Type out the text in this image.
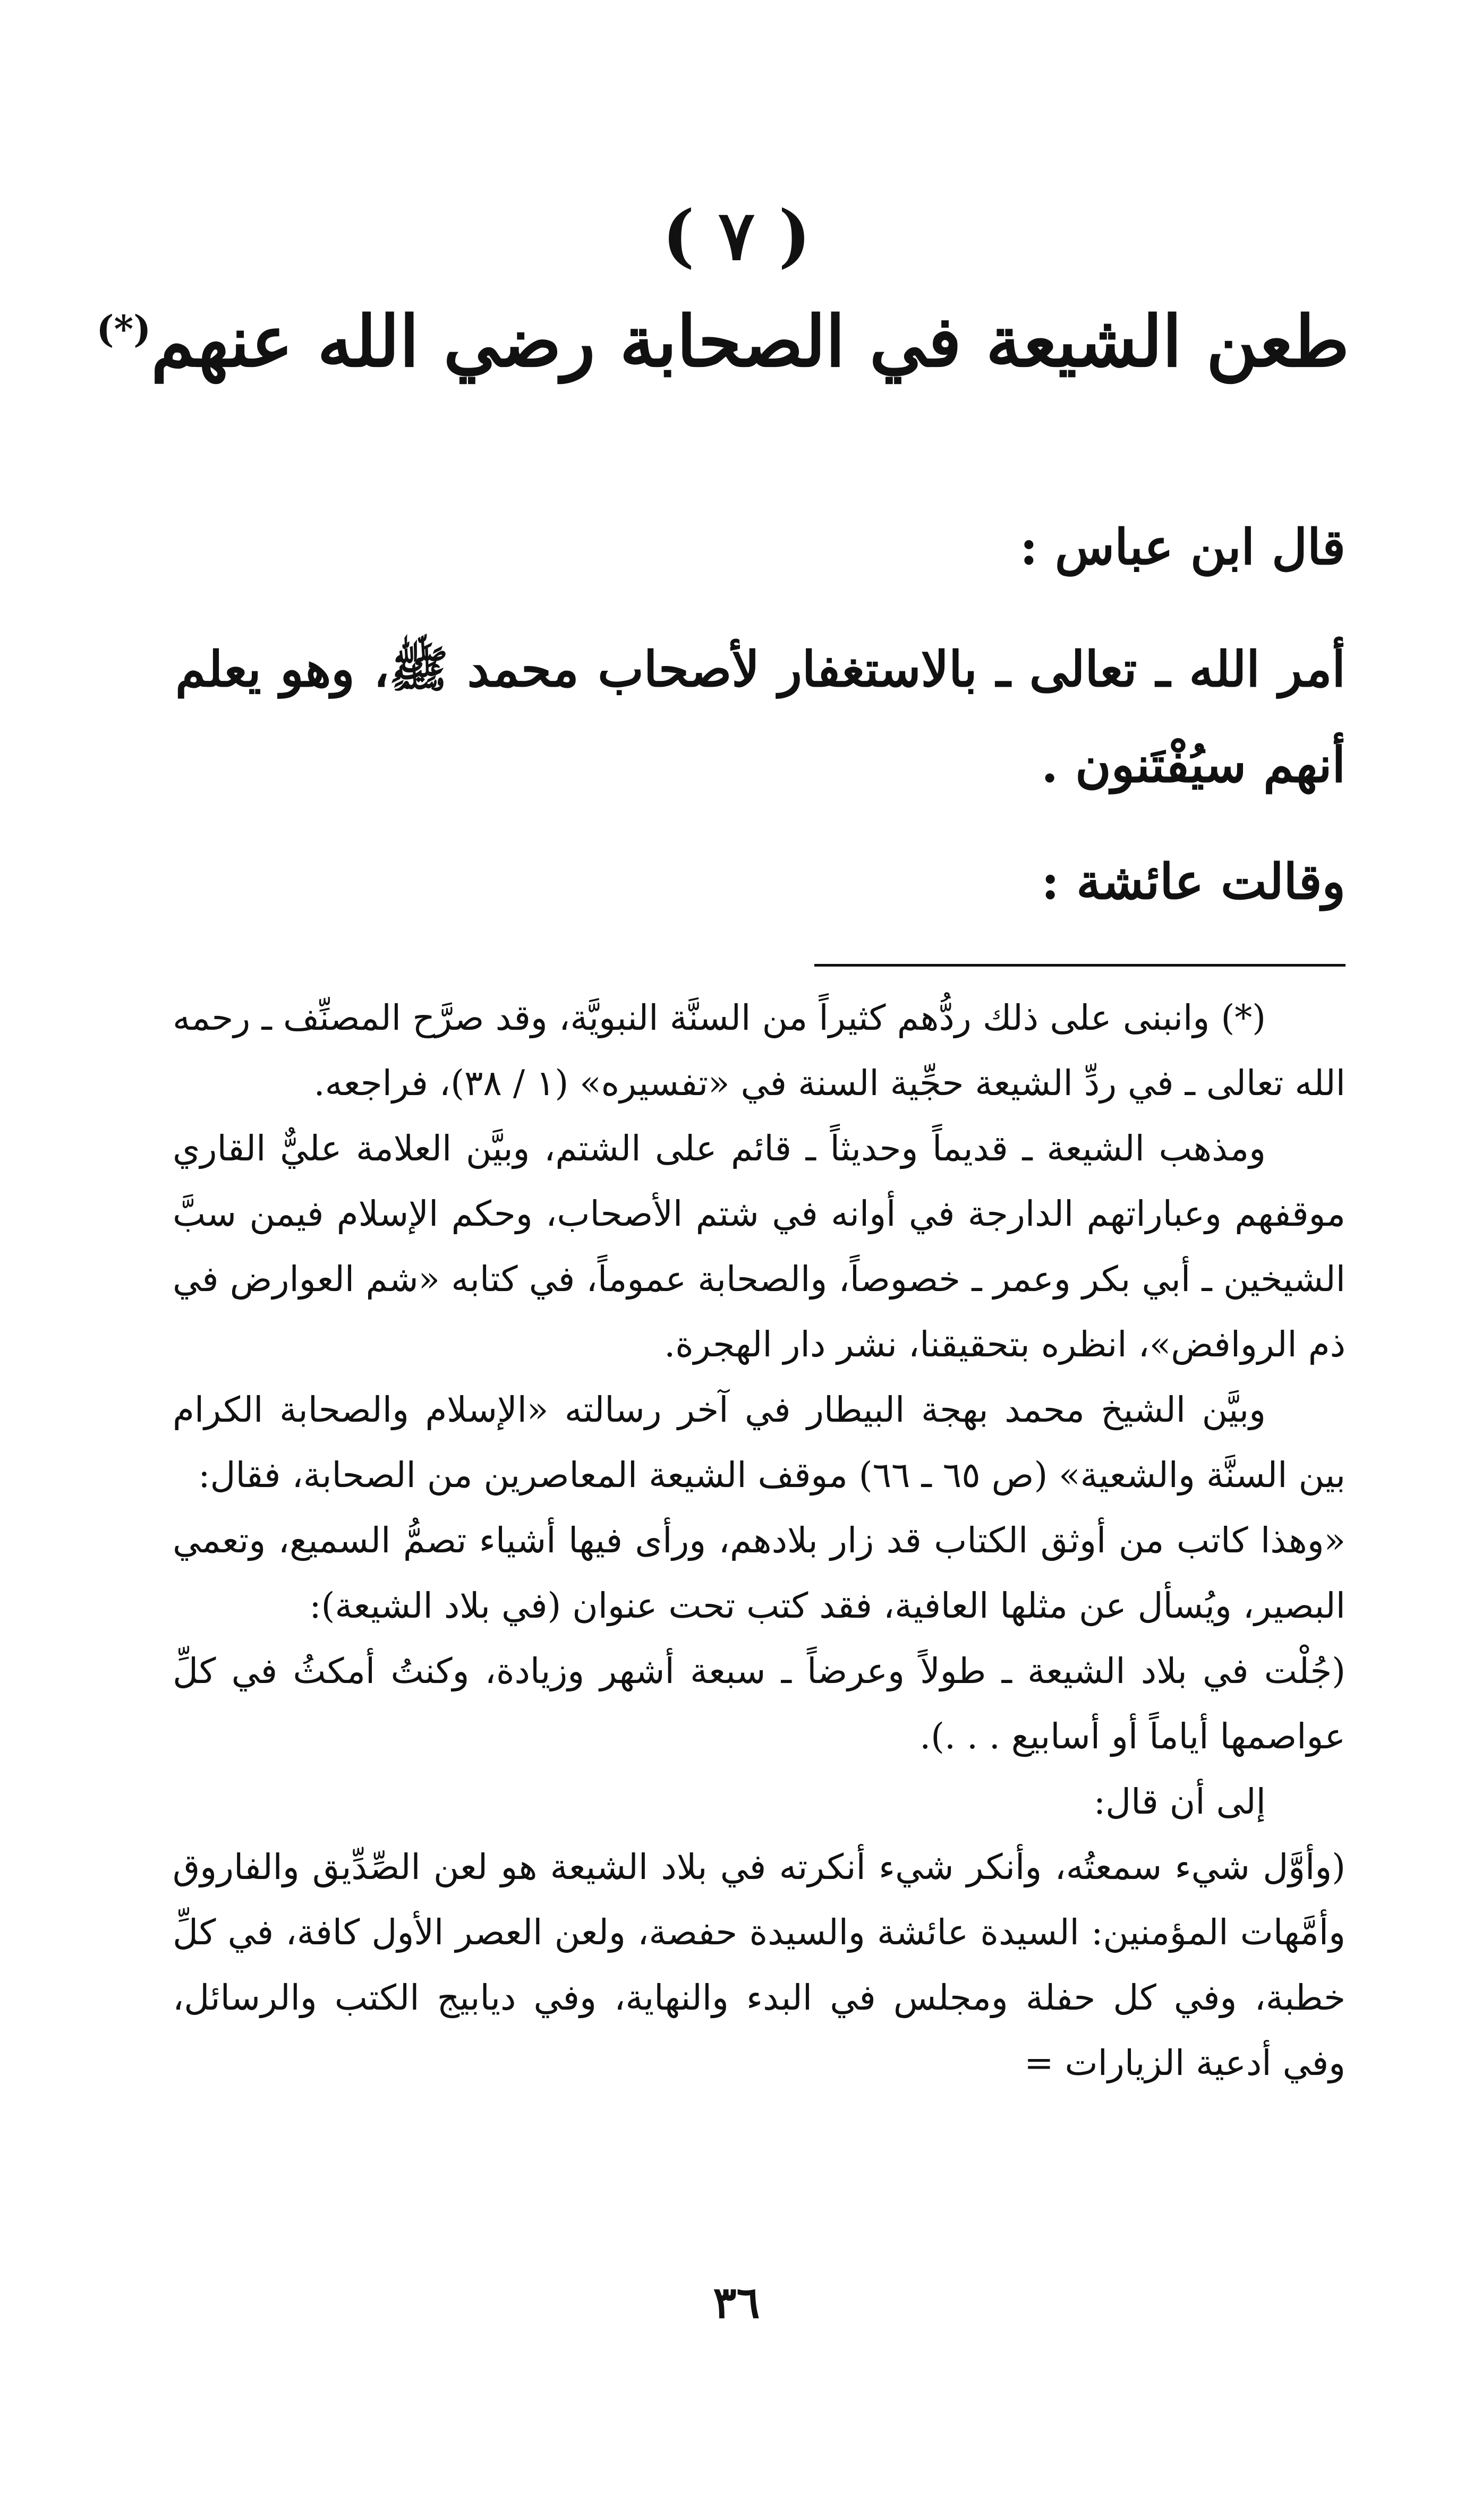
( ٧ )
طعن الشيعة في الصحابة رضي الله عنهم(*)

قال ابن عباس :

أمر الله ـ تعالى ـ بالاستغفار لأصحاب محمد ﷺ، وهو يعلم أنهم سيُفْتَنون .

وقالت عائشة :

(*) وانبنى على ذلك ردُّهم كثيراً من السنَّة النبويَّة، وقد صرَّح المصنِّف ـ رحمه الله تعالى ـ في ردِّ الشيعة حجِّية السنة في «تفسيره» (١ / ٣٨)، فراجعه.

ومذهب الشيعة ـ قديماً وحديثاً ـ قائم على الشتم، وبيَّن العلامة عليٌّ القاري موقفهم وعباراتهم الدارجة في أوانه في شتم الأصحاب، وحكم الإسلام فيمن سبَّ الشيخين ـ أبي بكر وعمر ـ خصوصاً، والصحابة عموماً، في كتابه «شم العوارض في ذم الروافض»، انظره بتحقيقنا، نشر دار الهجرة.

وبيَّن الشيخ محمد بهجة البيطار في آخر رسالته «الإسلام والصحابة الكرام بين السنَّة والشعية» (ص ٦٥ ـ ٦٦) موقف الشيعة المعاصرين من الصحابة، فقال:

«وهذا كاتب من أوثق الكتاب قد زار بلادهم، ورأى فيها أشياء تصمُّ السميع، وتعمي البصير، ويُسأل عن مثلها العافية، فقد كتب تحت عنوان (في بلاد الشيعة):

(جُلْت في بلاد الشيعة ـ طولاً وعرضاً ـ سبعة أشهر وزيادة، وكنتُ أمكثُ في كلِّ عواصمها أياماً أو أسابيع . . .).

إلى أن قال:

(وأوَّل شيء سمعتُه، وأنكر شيء أنكرته في بلاد الشيعة هو لعن الصِّدِّيق والفاروق وأمَّهات المؤمنين: السيدة عائشة والسيدة حفصة، ولعن العصر الأول كافة، في كلِّ خطبة، وفي كل حفلة ومجلس في البدء والنهاية، وفي ديابيج الكتب والرسائل، وفي أدعية الزيارات =

٣٦
